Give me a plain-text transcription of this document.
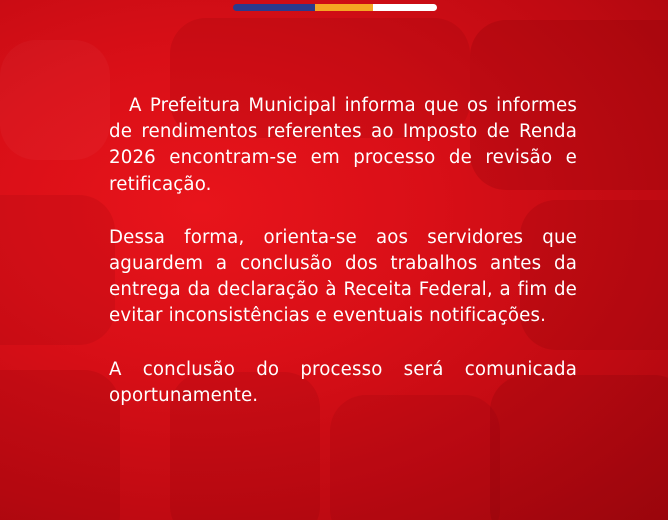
A Prefeitura Municipal informa que os informes de rendimentos referentes ao Imposto de Renda 2026 encontram-se em processo de revisão e retificação.

Dessa forma, orienta-se aos servidores que aguardem a conclusão dos trabalhos antes da entrega da declaração à Receita Federal, a fim de evitar inconsistências e eventuais notificações.

A conclusão do processo será comunicada oportunamente.
